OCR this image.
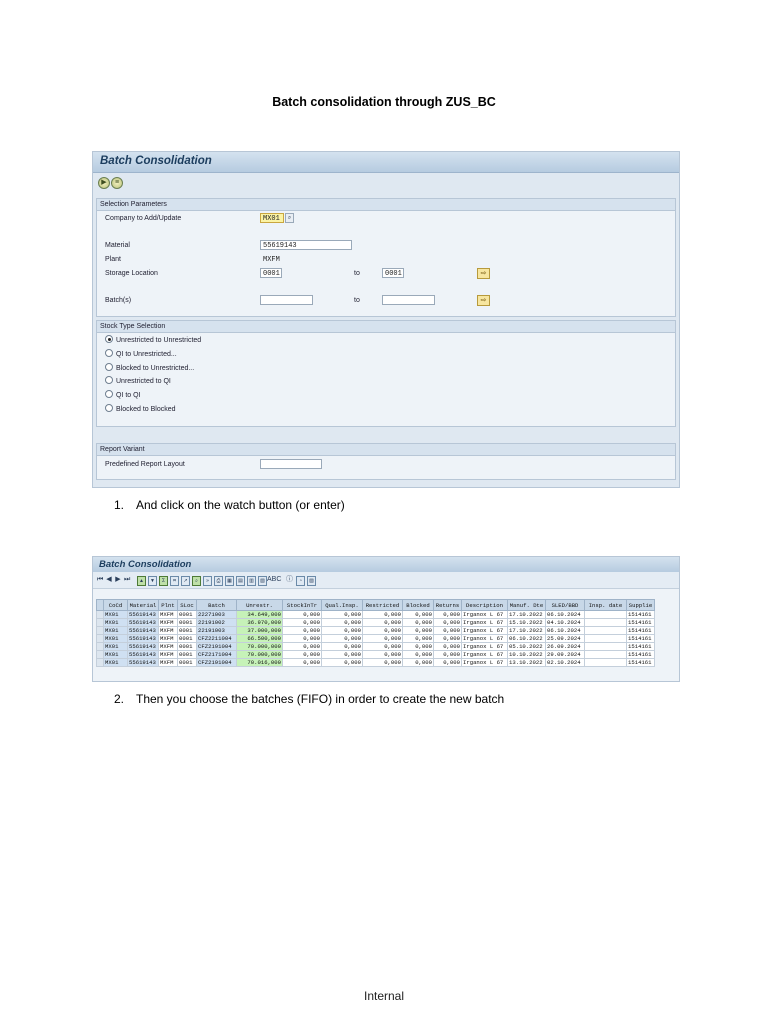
Batch consolidation through ZUS_BC
Batch Consolidation
▶	≡
Selection Parameters
Company to Add/Update	MX01	⌕
Material	55619143
Plant	MXFM
Storage Location	0001	to	0001	⇨
Batch(s)	to	⇨
Stock Type Selection
Unrestricted to Unrestricted
QI to Unrestricted...
Blocked to Unrestricted...
Unrestricted to QI
QI to QI
Blocked to Blocked
Report Variant
Predefined Report Layout
1. And click on the watch button (or enter)
Batch Consolidation
⏮ ◀ ▶ ⏭	▲	▼	Σ	⌗	↗	⌕	»	⎙	▦	▤	▥	▧ ABC ⓘ	◔	▨
	CoCd	Material	Plnt	SLoc	Batch	Unrestr.	StockInTr	Qual.Insp.	Restricted	Blocked	Returns	Description	Manuf. Dte	SLED/BBD	Insp. date	Supplie
	MX01	55619143	MXFM	0001	22271003	34.649,000	0,000	0,000	0,000	0,000	0,000	Irganox L 67	17.10.2022	06.10.2024		1514161
	MX01	55619143	MXFM	0001	22191002	36.970,000	0,000	0,000	0,000	0,000	0,000	Irganox L 67	15.10.2022	04.10.2024		1514161
	MX01	55619143	MXFM	0001	22191003	37.000,000	0,000	0,000	0,000	0,000	0,000	Irganox L 67	17.10.2022	06.10.2024		1514161
	MX01	55619143	MXFM	0001	CFZ2211004	66.500,000	0,000	0,000	0,000	0,000	0,000	Irganox L 67	06.10.2022	25.09.2024		1514161
	MX01	55619143	MXFM	0001	CFZ2191004	70.000,000	0,000	0,000	0,000	0,000	0,000	Irganox L 67	05.10.2022	26.09.2024		1514161
	MX01	55619143	MXFM	0001	CFZ2171004	70.000,000	0,000	0,000	0,000	0,000	0,000	Irganox L 67	10.10.2022	29.09.2024		1514161
	MX01	55619143	MXFM	0001	CFZ2191004	70.016,000	0,000	0,000	0,000	0,000	0,000	Irganox L 67	13.10.2022	02.10.2024		1514161
2. Then you choose the batches (FIFO) in order to create the new batch
Internal
